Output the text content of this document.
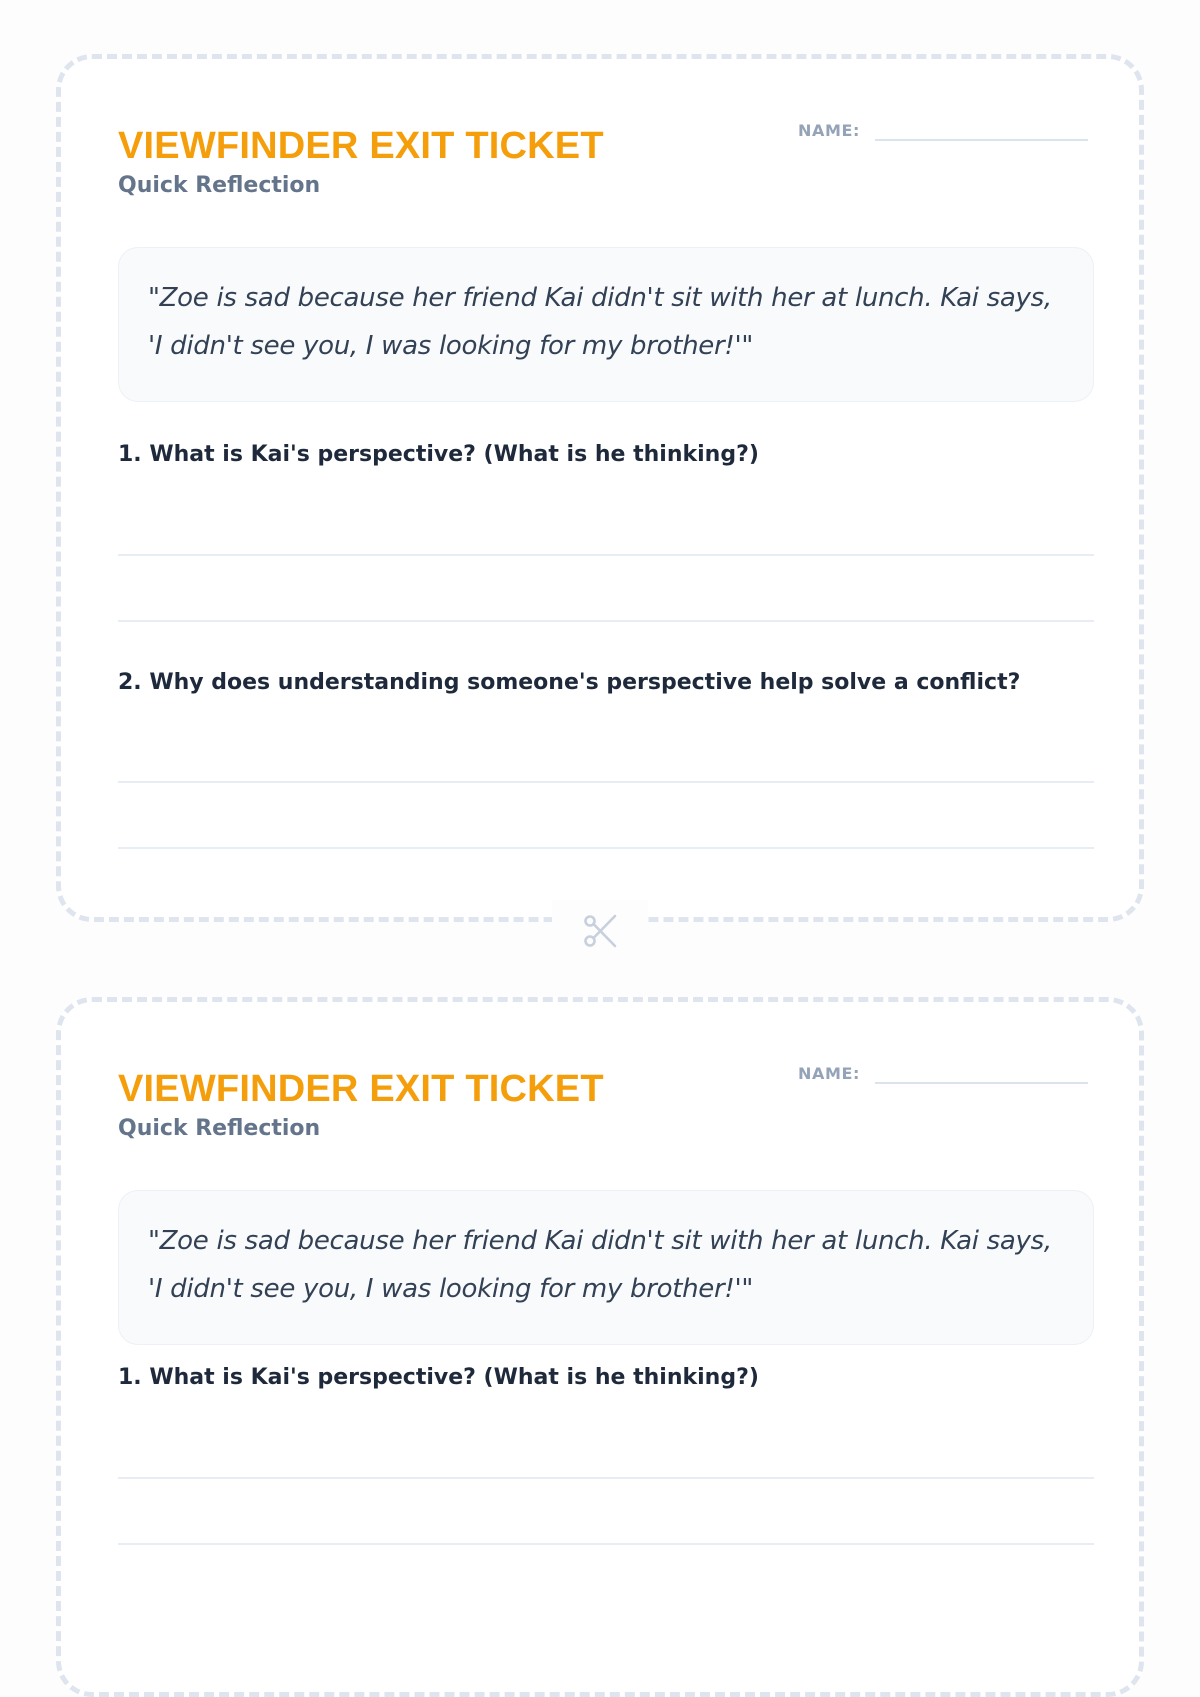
VIEWFINDER EXIT TICKET
Quick Reflection
NAME:

"Zoe is sad because her friend Kai didn't sit with her at lunch. Kai says, 'I didn't see you, I was looking for my brother!'"

1. What is Kai's perspective? (What is he thinking?)

2. Why does understanding someone's perspective help solve a conflict?

VIEWFINDER EXIT TICKET
Quick Reflection
NAME:

"Zoe is sad because her friend Kai didn't sit with her at lunch. Kai says, 'I didn't see you, I was looking for my brother!'"

1. What is Kai's perspective? (What is he thinking?)
